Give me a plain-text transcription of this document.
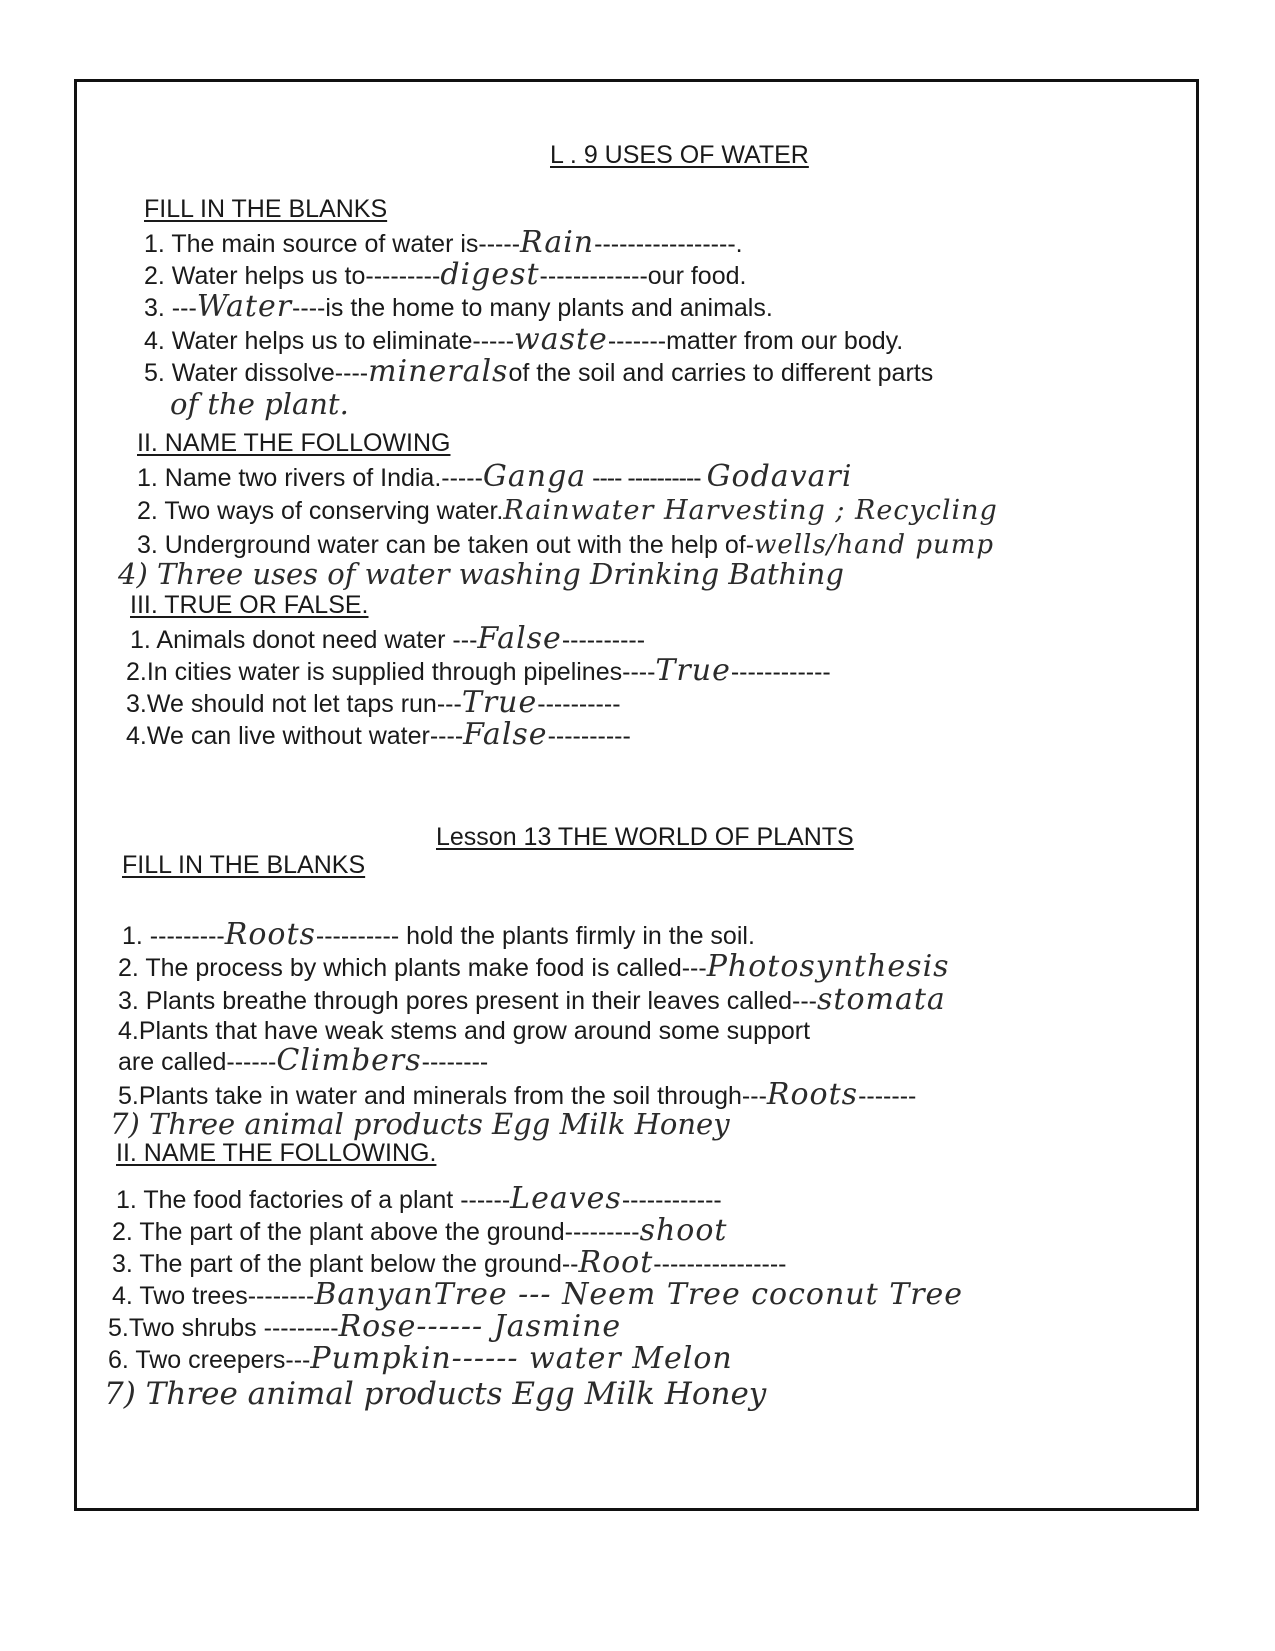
L . 9 USES OF WATER
FILL IN THE BLANKS
1. The main source of water is-----Rain-----------------.
2. Water helps us to---------digest-------------our food.
3. ---Water----is the home to many plants and animals.
4. Water helps us to eliminate-----waste-------matter from our body.
5. Water dissolve----mineralsof the soil and carries to different parts
of the plant.
II. NAME THE FOLLOWING
1. Name two rivers of India.-----Ganga ---- ---------- Godavari
2. Two ways of conserving water.Rainwater Harvesting ; Recycling
3. Underground water can be taken out with the help of-wells/hand pump
4) Three uses of water washing Drinking Bathing
III. TRUE OR FALSE.
1. Animals donot need water ---False----------
2.In cities water is supplied through pipelines----True------------
3.We should not let taps run---True----------
4.We can live without water----False----------
Lesson 13 THE WORLD OF PLANTS
FILL IN THE BLANKS
1. ---------Roots---------- hold the plants firmly in the soil.
2. The process by which plants make food is called---Photosynthesis
3. Plants breathe through pores present in their leaves called---stomata
4.Plants that have weak stems and grow around some support
are called------Climbers--------
5.Plants take in water and minerals from the soil through---Roots-------
7) Three animal products Egg Milk Honey
II. NAME THE FOLLOWING.
1. The food factories of a plant ------Leaves------------
2. The part of the plant above the ground---------shoot
3. The part of the plant below the ground--Root----------------
4. Two trees--------BanyanTree --- Neem Tree coconut Tree
5.Two shrubs ---------Rose------ Jasmine
6. Two creepers---Pumpkin------ water Melon
7) Three animal products Egg Milk Honey
